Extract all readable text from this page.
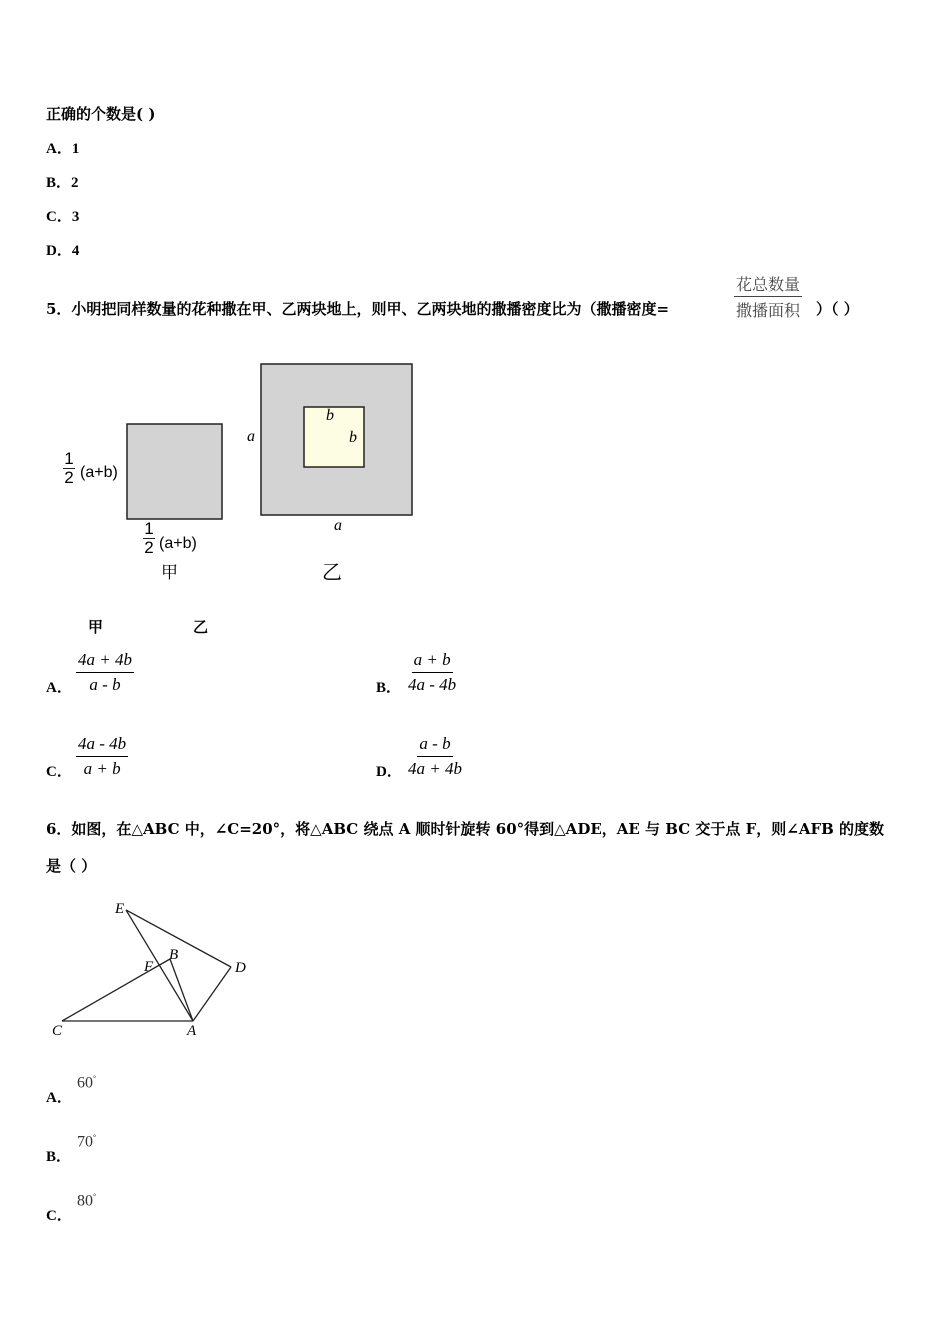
正确的个数是( )
A．1
B．2
C．3
D．4
5．小明把同样数量的花种撒在甲、乙两块地上，则甲、乙两块地的撒播密度比为（撒播密度=
花总数量
撒播面积 ）（ ）
1
2 (a+b)
1
2 (a+b)
甲
a
a
b
b
乙
甲	乙
A． $\frac{4a + 4b}{a - b}$	B． $\frac{a + b}{4a - 4b}$
C． $\frac{4a - 4b}{a + b}$	D． $\frac{a - b}{4a + 4b}$
6．如图，在△ABC 中，∠C=20°，将△ABC 绕点 A 顺时针旋转 60°得到△ADE，AE 与 BC 交于点 F，则∠AFB 的度数
是（ ）
E
B
F	D
C	A
A．
60°
B．
70°
C．
80°
